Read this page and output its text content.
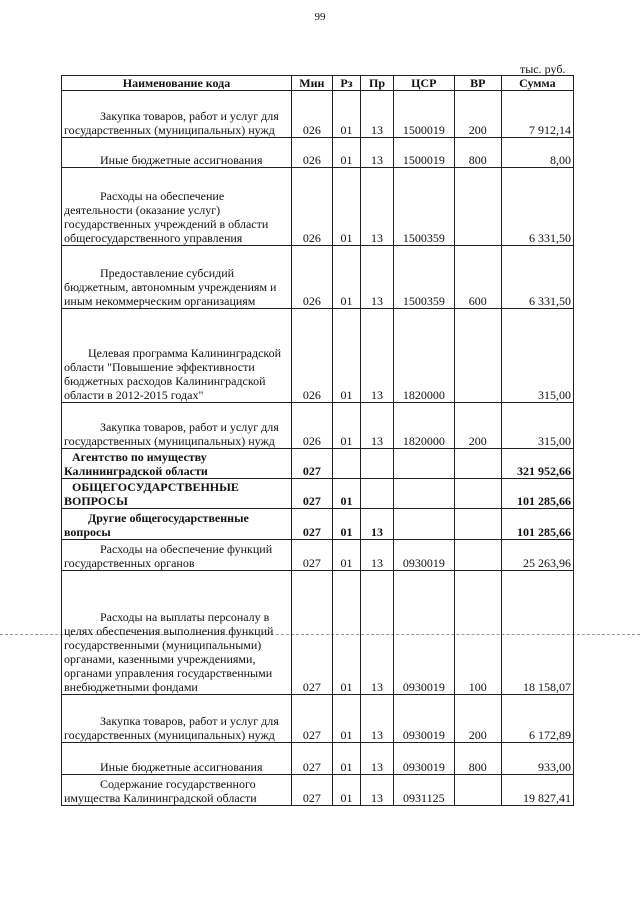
99
тыс. руб.
Наименование кода	Мин	Рз	Пр	ЦСР	ВР	Сумма
Закупка товаров, работ и услуг для государственных (муниципальных) нужд	026	01	13	1500019	200	7 912,14
Иные бюджетные ассигнования	026	01	13	1500019	800	8,00
Расходы на обеспечение деятельности (оказание услуг) государственных учреждений в области общегосударственного управления	026	01	13	1500359		6 331,50
Предоставление субсидий бюджетным, автономным учреждениям и иным некоммерческим организациям	026	01	13	1500359	600	6 331,50
Целевая программа Калининградской области "Повышение эффективности бюджетных расходов Калининградской области в 2012-2015 годах"	026	01	13	1820000		315,00
Закупка товаров, работ и услуг для государственных (муниципальных) нужд	026	01	13	1820000	200	315,00
Агентство по имуществу Калининградской области	027					321 952,66
ОБЩЕГОСУДАРСТВЕННЫЕ ВОПРОСЫ	027	01				101 285,66
Другие общегосударственные вопросы	027	01	13			101 285,66
Расходы на обеспечение функций государственных органов	027	01	13	0930019		25 263,96
Расходы на выплаты персоналу в целях обеспечения выполнения функций государственными (муниципальными) органами, казенными учреждениями, органами управления государственными внебюджетными фондами	027	01	13	0930019	100	18 158,07
Закупка товаров, работ и услуг для государственных (муниципальных) нужд	027	01	13	0930019	200	6 172,89
Иные бюджетные ассигнования	027	01	13	0930019	800	933,00
Содержание государственного имущества Калининградской области	027	01	13	0931125		19 827,41
